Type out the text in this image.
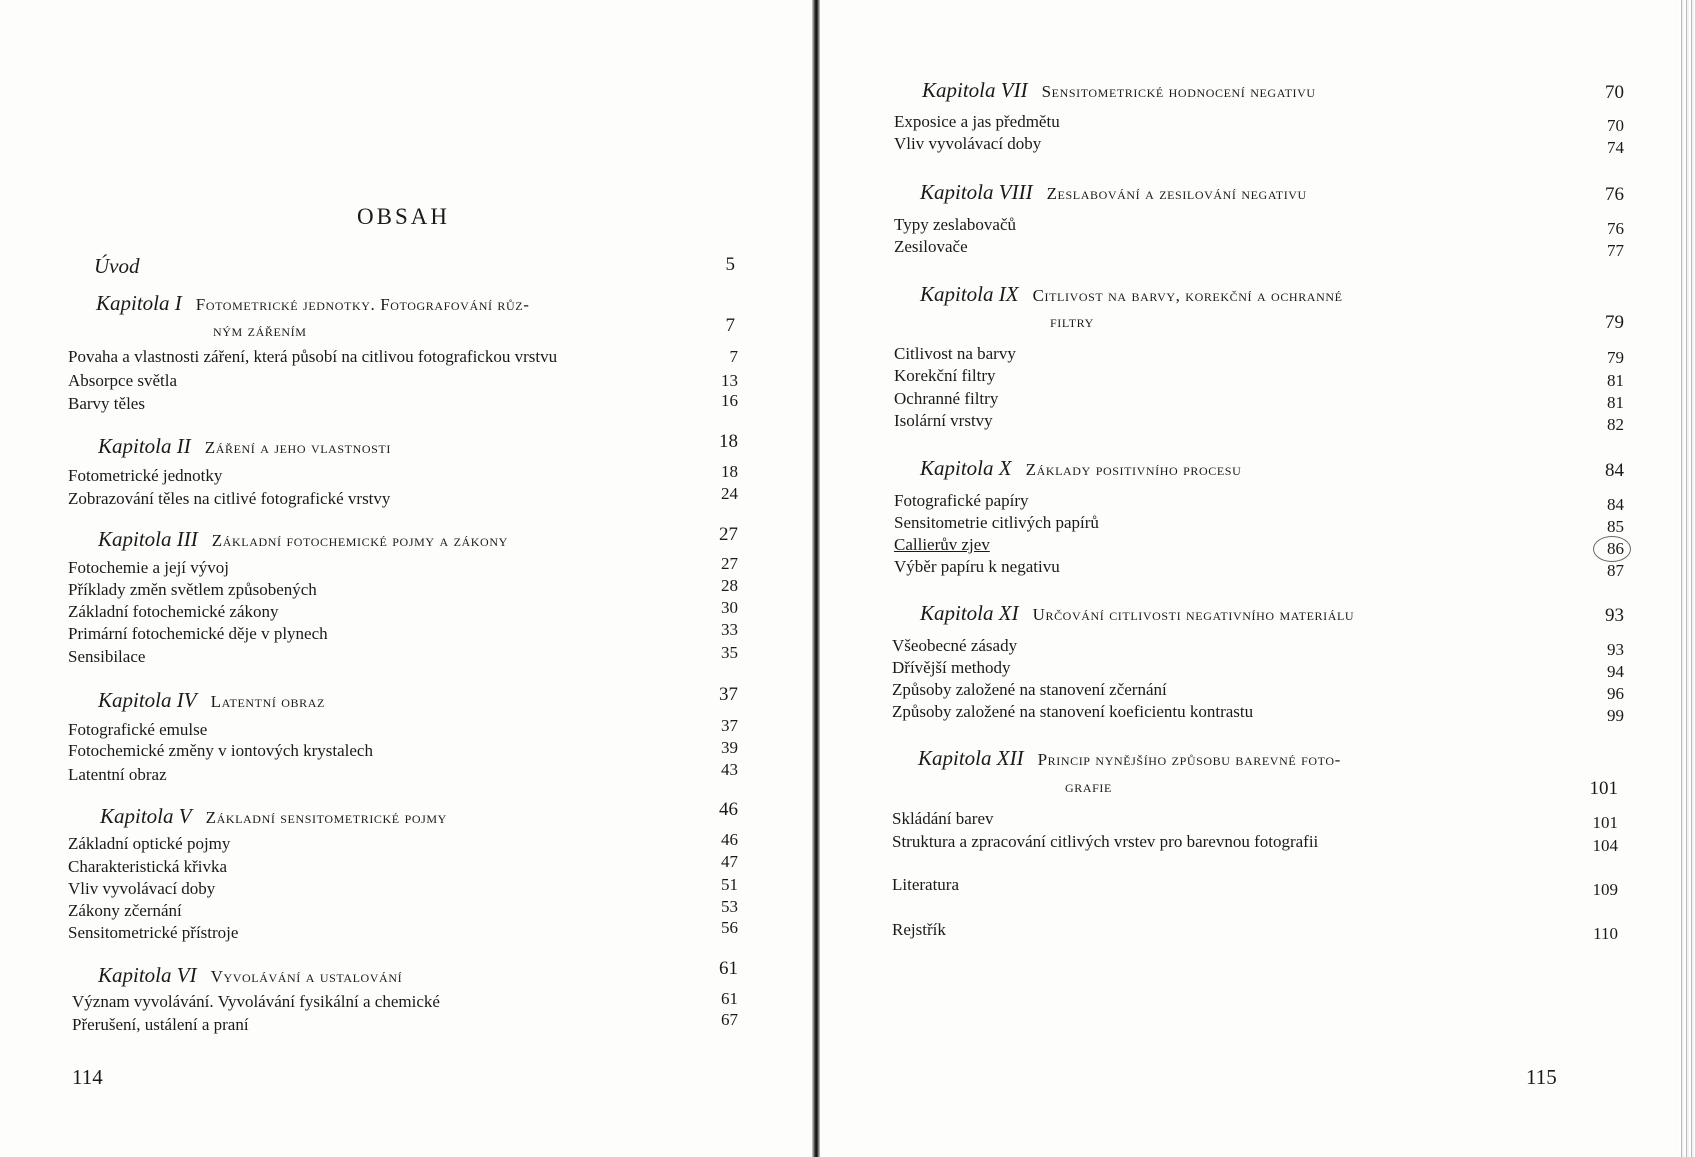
OBSAH
Úvod	5
Kapitola I Fotometrické jednotky. Fotografování růz-
ným zářením	7
Povaha a vlastnosti záření, která působí na citlivou fotografickou vrstvu	7
Absorpce světla	13
Barvy těles	16
Kapitola II Záření a jeho vlastnosti	18
Fotometrické jednotky	18
Zobrazování těles na citlivé fotografické vrstvy	24
Kapitola III Základní fotochemické pojmy a zákony	27
Fotochemie a její vývoj	27
Příklady změn světlem způsobených	28
Základní fotochemické zákony	30
Primární fotochemické děje v plynech	33
Sensibilace	35
Kapitola IV Latentní obraz	37
Fotografické emulse	37
Fotochemické změny v iontových krystalech	39
Latentní obraz	43
Kapitola V Základní sensitometrické pojmy	46
Základní optické pojmy	46
Charakteristická křivka	47
Vliv vyvolávací doby	51
Zákony zčernání	53
Sensitometrické přístroje	56
Kapitola VI Vyvolávání a ustalování	61
Význam vyvolávání. Vyvolávání fysikální a chemické	61
Přerušení, ustálení a praní	67
114
Kapitola VII Sensitometrické hodnocení negativu	70
Exposice a jas předmětu	70
Vliv vyvolávací doby	74
Kapitola VIII Zeslabování a zesilování negativu	76
Typy zeslabovačů	76
Zesilovače	77
Kapitola IX Citlivost na barvy, korekční a ochranné
filtry	79
Citlivost na barvy	79
Korekční filtry	81
Ochranné filtry	81
Isolární vrstvy	82
Kapitola X Základy positivního procesu	84
Fotografické papíry	84
Sensitometrie citlivých papírů	85
Callierův zjev	86
Výběr papíru k negativu	87
Kapitola XI Určování citlivosti negativního materiálu	93
Všeobecné zásady	93
Dřívější methody	94
Způsoby založené na stanovení zčernání	96
Způsoby založené na stanovení koeficientu kontrastu	99
Kapitola XII Princip nynějšího způsobu barevné foto-
grafie	101
Skládání barev	101
Struktura a zpracování citlivých vrstev pro barevnou fotografii	104
Literatura	109
Rejstřík	110
115
